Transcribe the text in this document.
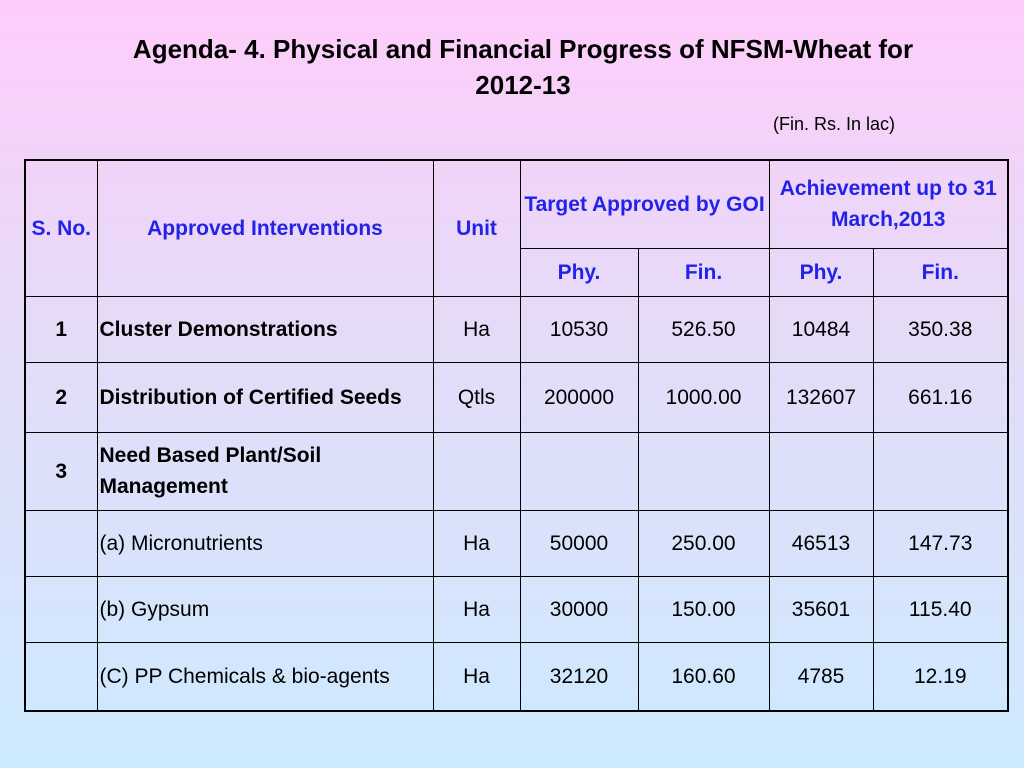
Agenda- 4. Physical and Financial Progress of NFSM-Wheat for
2012-13
(Fin. Rs. In lac)
S. No.	Approved Interventions	Unit	Target Approved by GOI		Achievement up to 31 March,2013	
			Phy.	Fin.	Phy.	Fin.
1	Cluster Demonstrations	Ha	10530	526.50	10484	350.38
2	Distribution of Certified Seeds	Qtls	200000	1000.00	132607	661.16
3	Need Based Plant/Soil Management					
	(a) Micronutrients	Ha	50000	250.00	46513	147.73
	(b) Gypsum	Ha	30000	150.00	35601	115.40
	(C) PP Chemicals & bio-agents	Ha	32120	160.60	4785	12.19
